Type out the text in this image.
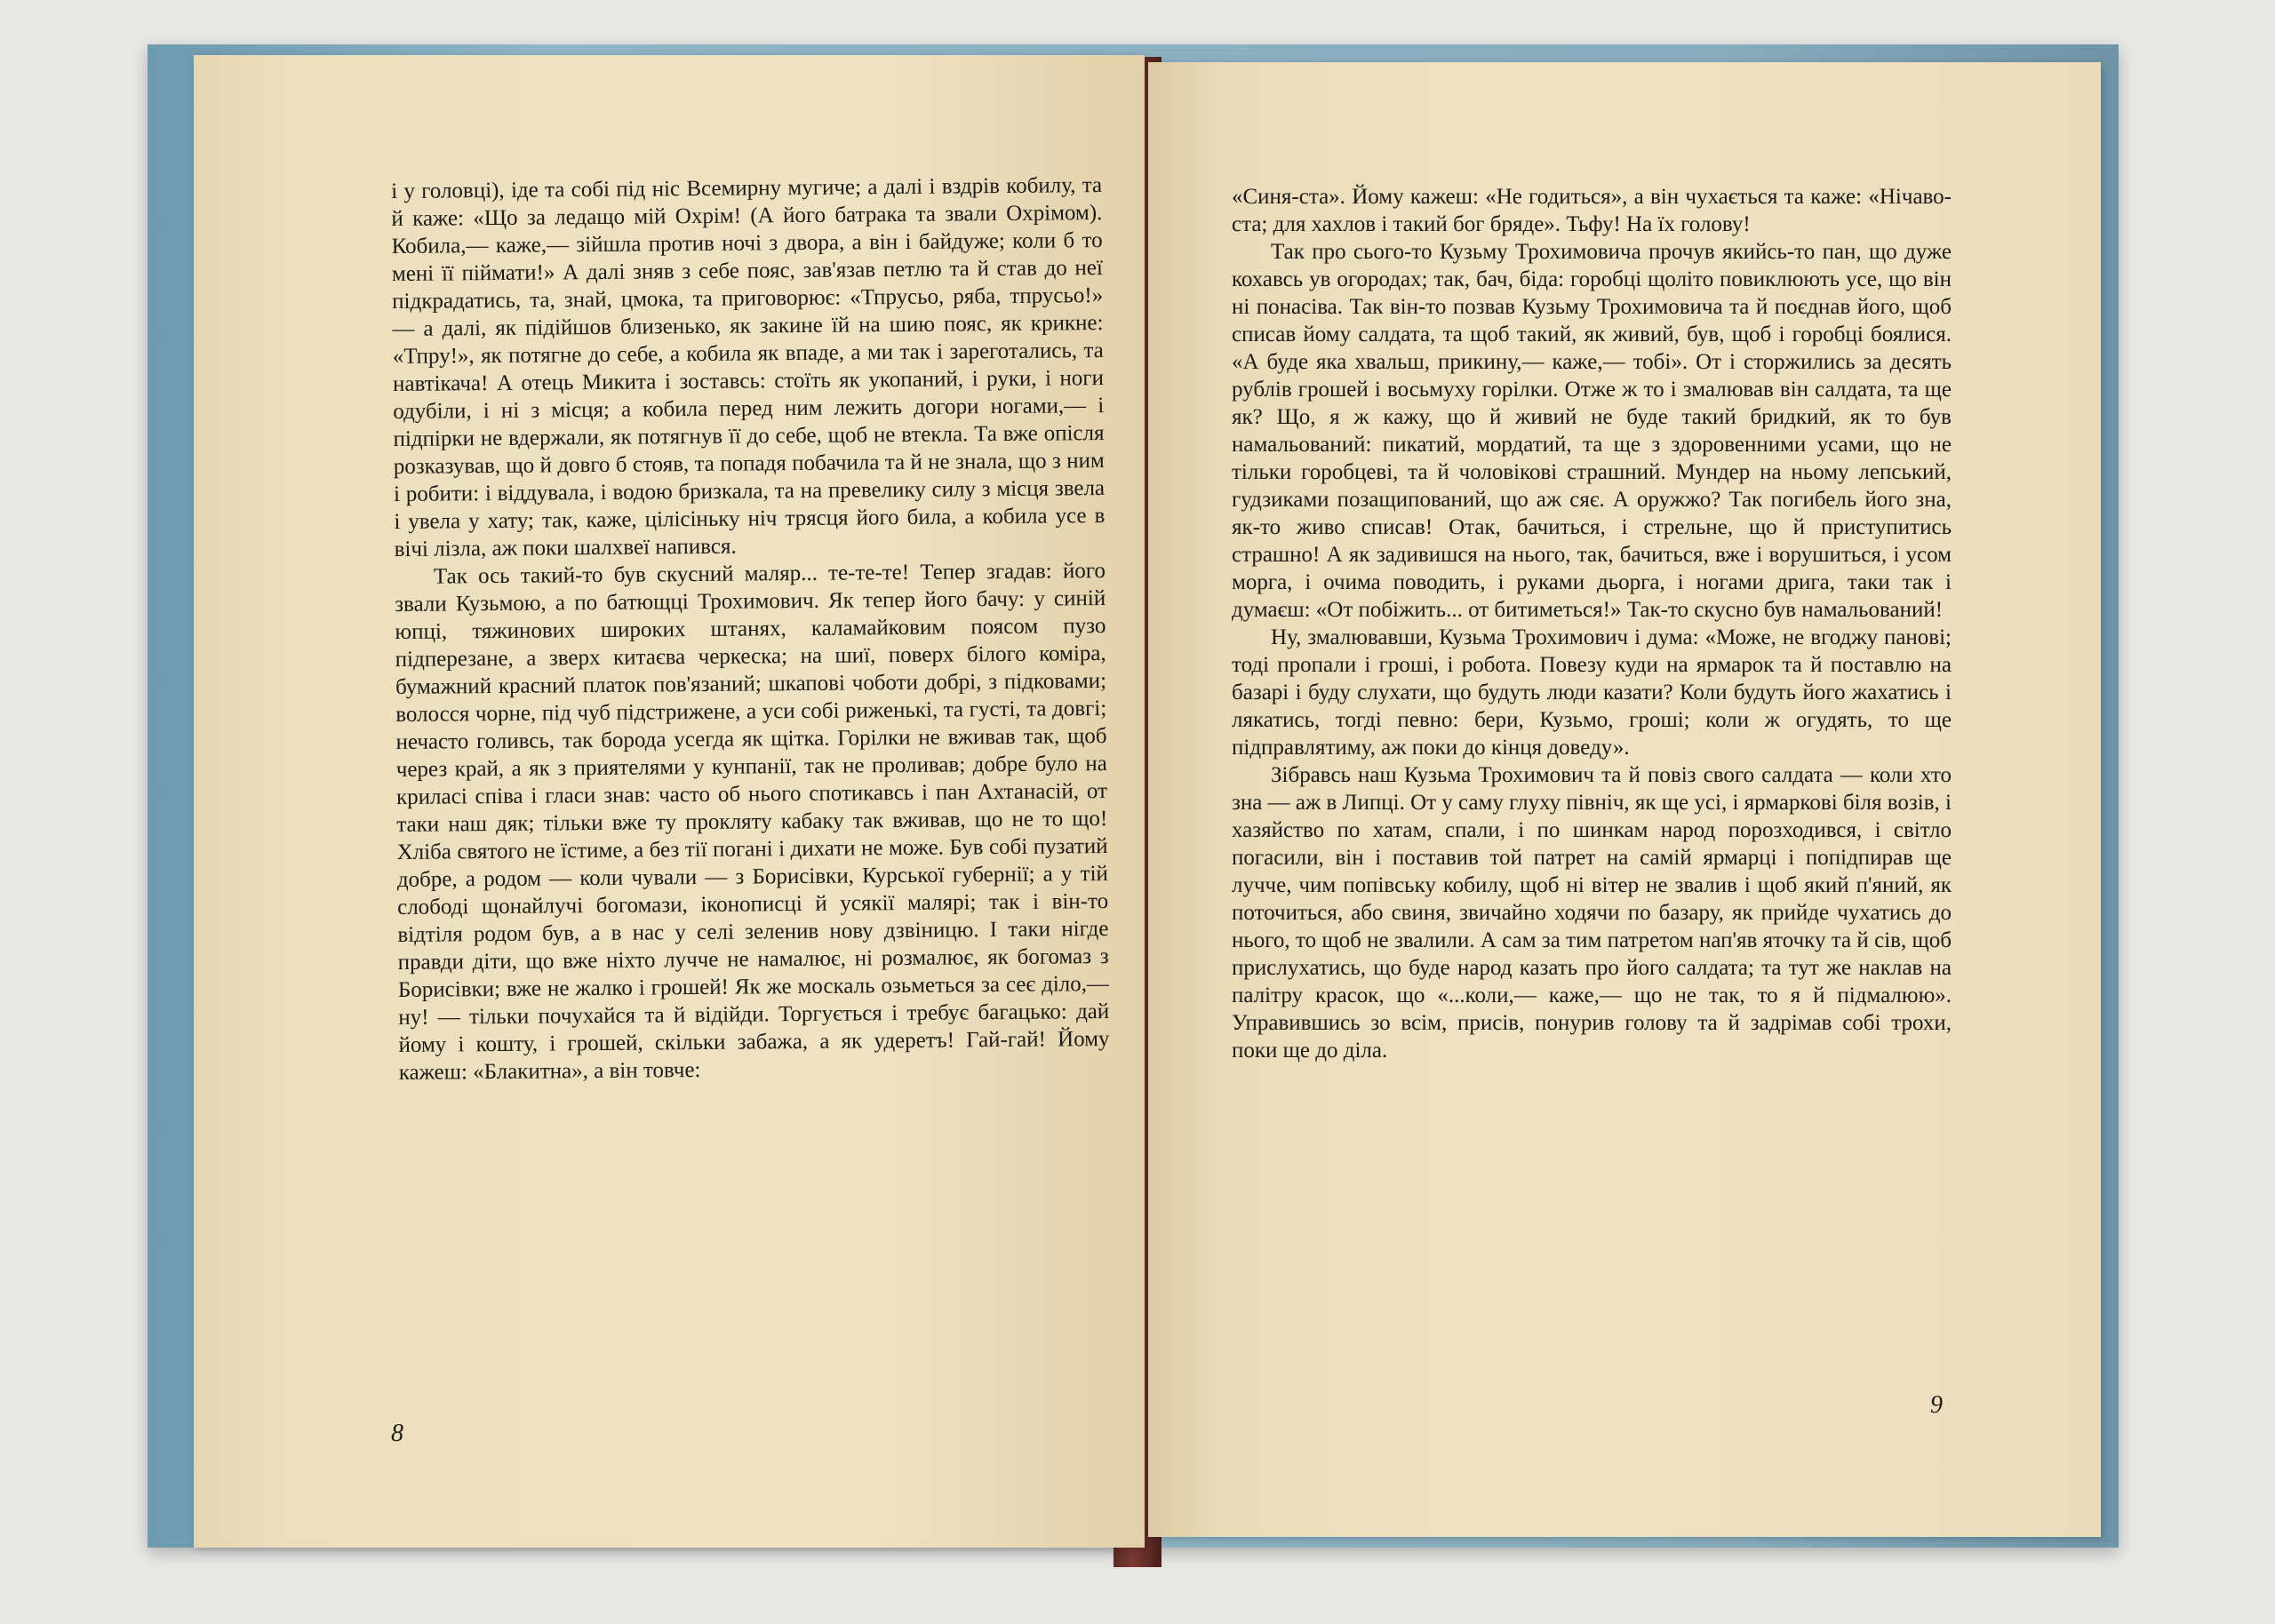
і у головці), іде та собі під ніс Всемирну мугиче; а далі і вздрів кобилу, та й каже: «Що за ледащо мій Охрім! (А його батрака та звали Охрімом). Кобила,— каже,— зійшла против ночі з двора, а він і байдуже; коли б то мені її піймати!» А далі зняв з себе пояс, зав'язав петлю та й став до неї підкрадатись, та, знай, цмока, та приговорює: «Тпрусьо, ряба, тпрусьо!» — а далі, як підійшов близенько, як закине їй на шию пояс, як крикне: «Тпру!», як потягне до себе, а кобила як впаде, а ми так і зареготались, та навтікача! А отець Микита і зоставсь: стоїть як укопаний, і руки, і ноги одубіли, і ні з місця; а кобила перед ним лежить догори ногами,— і підпірки не вдержали, як потягнув її до себе, щоб не втекла. Та вже опісля розказував, що й довго б стояв, та попадя побачила та й не знала, що з ним і робити: і віддувала, і водою бризкала, та на превелику силу з місця звела і увела у хату; так, каже, цілісіньку ніч трясця його била, а кобила усе в вічі лізла, аж поки шалхвеї напився.

Так ось такий-то був скусний маляр... те-те-те! Тепер згадав: його звали Кузьмою, а по батющці Трохимович. Як тепер його бачу: у синій юпці, тяжинових широких штанях, каламайковим поясом пузо підперезане, а зверх китаєва черкеска; на шиї, поверх білого коміра, бумажний красний платок пов'язаний; шкапові чоботи добрі, з підковами; волосся чорне, під чуб підстрижене, а уси собі риженькі, та густі, та довгі; нечасто голивсь, так борода усегда як щітка. Горілки не вживав так, щоб через край, а як з приятелями у кунпанії, так не проливав; добре було на криласі співа і гласи знав: часто об нього спотикавсь і пан Ахтанасій, от таки наш дяк; тільки вже ту прокляту кабаку так вживав, що не то що! Хліба святого не їстиме, а без тії погані і дихати не може. Був собі пузатий добре, а родом — коли чували — з Борисівки, Курської губернії; а у тій слободі щонайлучі богомази, іконописці й усякії малярі; так і він-то відтіля родом був, а в нас у селі зеленив нову дзвіницю. І таки нігде правди діти, що вже ніхто лучче не намалює, ні розмалює, як богомаз з Борисівки; вже не жалко і грошей! Як же москаль озьметься за сеє діло,— ну! — тільки почухайся та й відійди. Торгується і требує багацько: дай йому і кошту, і грошей, скільки забажа, а як удеретъ! Гай-гай! Йому кажеш: «Блакитна», а він товче:

«Синя-ста». Йому кажеш: «Не годиться», а він чухається та каже: «Нічаво-ста; для хахлов і такий бог бряде». Тьфу! На їх голову!

Так про сього-то Кузьму Трохимовича прочув якийсь-то пан, що дуже кохавсь ув огородах; так, бач, біда: горобці щоліто повиклюють усе, що він ні понасіва. Так він-то позвав Кузьму Трохимовича та й поєднав його, щоб списав йому салдата, та щоб такий, як живий, був, щоб і горобці боялися. «А буде яка хвальш, прикину,— каже,— тобі». От і сторжились за десять рублів грошей і восьмуху горілки. Отже ж то і змалював він салдата, та ще як? Що, я ж кажу, що й живий не буде такий бридкий, як то був намальований: пикатий, мордатий, та ще з здоровенними усами, що не тільки горобцеві, та й чоловікові страшний. Мундер на ньому лепський, гудзиками позащипований, що аж сяє. А оружжо? Так погибель його зна, як-то живо списав! Отак, бачиться, і стрельне, що й приступитись страшно! А як задивишся на нього, так, бачиться, вже і ворушиться, і усом морга, і очима поводить, і руками дьорга, і ногами дрига, таки так і думаєш: «От побіжить... от битиметься!» Так-то скусно був намальований!

Ну, змалювавши, Кузьма Трохимович і дума: «Може, не вгоджу панові; тоді пропали і гроші, і робота. Повезу куди на ярмарок та й поставлю на базарі і буду слухати, що будуть люди казати? Коли будуть його жахатись і лякатись, тогді певно: бери, Кузьмо, гроші; коли ж огудять, то ще підправлятиму, аж поки до кінця доведу».

Зібравсь наш Кузьма Трохимович та й повіз свого салдата — коли хто зна — аж в Липці. От у саму глуху північ, як ще усі, і ярмаркові біля возів, і хазяйство по хатам, спали, і по шинкам народ порозходився, і світло погасили, він і поставив той патрет на самій ярмарці і попідпирав ще лучче, чим попівську кобилу, щоб ні вітер не звалив і щоб який п'яний, як поточиться, або свиня, звичайно ходячи по базару, як прийде чухатись до нього, то щоб не звалили. А сам за тим патретом нап'яв яточку та й сів, щоб прислухатись, що буде народ казать про його салдата; та тут же наклав на палітру красок, що «...коли,— каже,— що не так, то я й підмалюю». Управившись зо всім, присів, понурив голову та й задрімав собі трохи, поки ще до діла.

8
9
